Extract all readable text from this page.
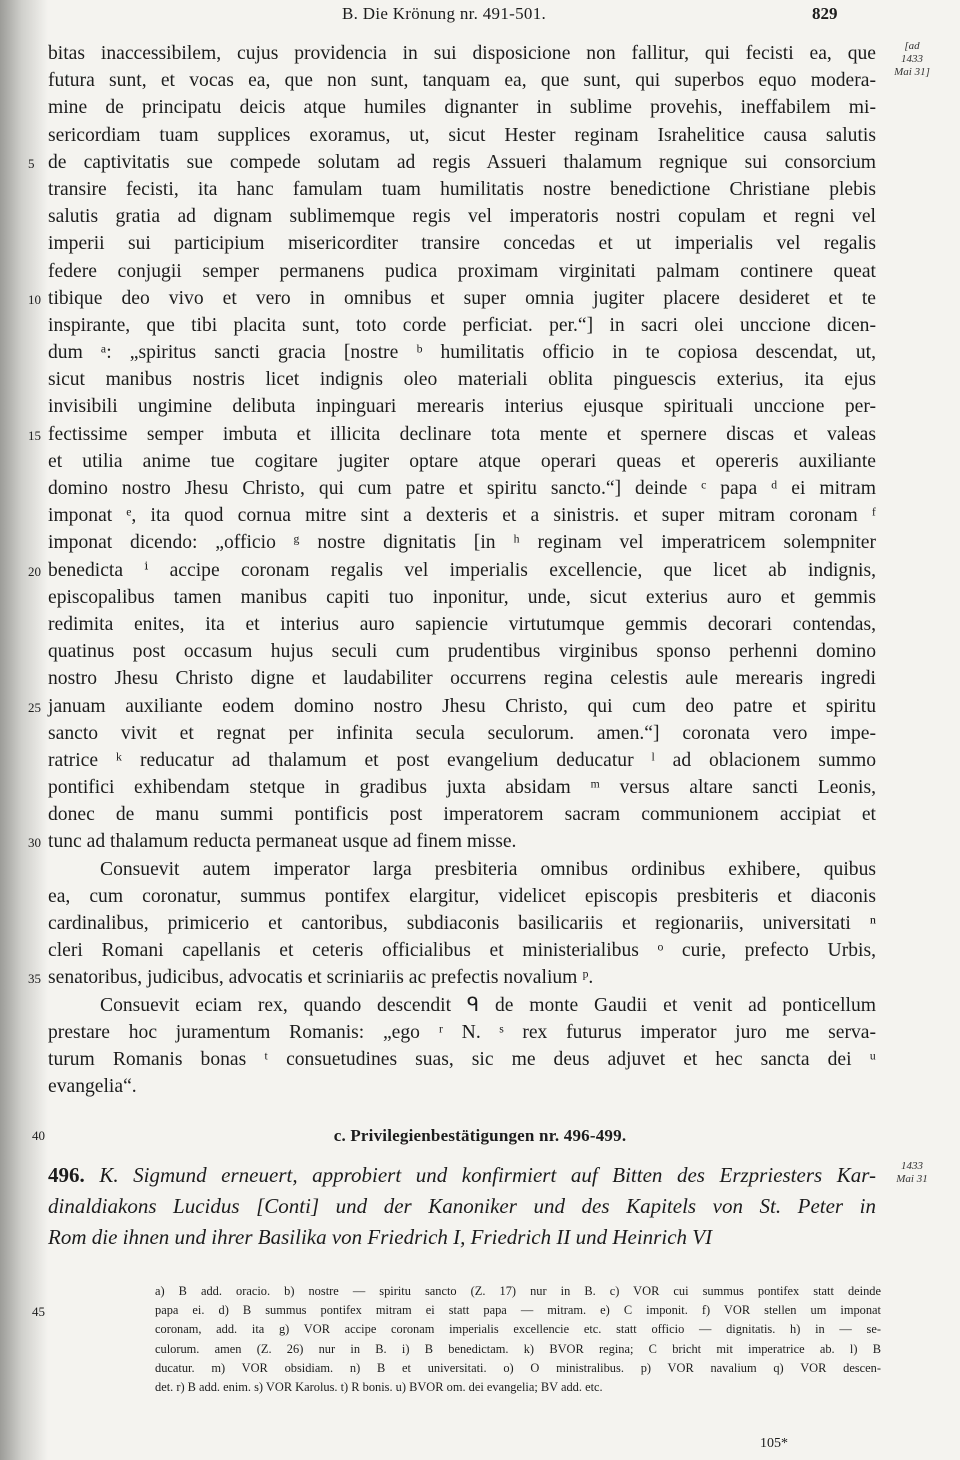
B. Die Krönung nr. 491-501.	829
[ad
1433
Mai 31]
bitas inaccessibilem, cujus providencia in sui disposicione non fallitur, qui fecisti ea, que
futura sunt, et vocas ea, que non sunt, tanquam ea, que sunt, qui superbos equo modera-
mine de principatu deicis atque humiles dignanter in sublime provehis, ineffabilem mi-
sericordiam tuam supplices exoramus, ut, sicut Hester reginam Israhelitice causa salutis
5 de captivitatis sue compede solutam ad regis Assueri thalamum regnique sui consorcium
transire fecisti, ita hanc famulam tuam humilitatis nostre benedictione Christiane plebis
salutis gratia ad dignam sublimemque regis vel imperatoris nostri copulam et regni vel
imperii sui participium misericorditer transire concedas et ut imperialis vel regalis
federe conjugii semper permanens pudica proximam virginitati palmam continere queat
10 tibique deo vivo et vero in omnibus et super omnia jugiter placere desideret et te
inspirante, que tibi placita sunt, toto corde perficiat. per.“] in sacri olei unccione dicen-
dum ᵃ: „spiritus sancti gracia [nostre ᵇ humilitatis officio in te copiosa descendat, ut,
sicut manibus nostris licet indignis oleo materiali oblita pinguescis exterius, ita ejus
invisibili ungimine delibuta inpinguari merearis interius ejusque spirituali unccione per-
15 fectissime semper imbuta et illicita declinare tota mente et spernere discas et valeas
et utilia anime tue cogitare jugiter optare atque operari queas et opereris auxiliante
domino nostro Jhesu Christo, qui cum patre et spiritu sancto.“] deinde ᶜ papa ᵈ ei mitram
imponat ᵉ, ita quod cornua mitre sint a dexteris et a sinistris. et super mitram coronam ᶠ
imponat dicendo: „officio ᵍ nostre dignitatis [in ʰ reginam vel imperatricem solempniter
20 benedicta ⁱ accipe coronam regalis vel imperialis excellencie, que licet ab indignis,
episcopalibus tamen manibus capiti tuo inponitur, unde, sicut exterius auro et gemmis
redimita enites, ita et interius auro sapiencie virtutumque gemmis decorari contendas,
quatinus post occasum hujus seculi cum prudentibus virginibus sponso perhenni domino
nostro Jhesu Christo digne et laudabiliter occurrens regina celestis aule merearis ingredi
25 januam auxiliante eodem domino nostro Jhesu Christo, qui cum deo patre et spiritu
sancto vivit et regnat per infinita secula seculorum. amen.“] coronata vero impe-
ratrice ᵏ reducatur ad thalamum et post evangelium deducatur ˡ ad oblacionem summo
pontifici exhibendam stetque in gradibus juxta absidam ᵐ versus altare sancti Leonis,
donec de manu summi pontificis post imperatorem sacram communionem accipiat et
30 tunc ad thalamum reducta permaneat usque ad finem misse.
Consuevit autem imperator larga presbiteria omnibus ordinibus exhibere, quibus
ea, cum coronatur, summus pontifex elargitur, videlicet episcopis presbiteris et diaconis
cardinalibus, primicerio et cantoribus, subdiaconis basilicariis et regionariis, universitati ⁿ
cleri Romani capellanis et ceteris officialibus et ministerialibus ᵒ curie, prefecto Urbis,
35 senatoribus, judicibus, advocatis et scriniariis ac prefectis novalium ᵖ.
Consuevit eciam rex, quando descendit ᑫ de monte Gaudii et venit ad ponticellum
prestare hoc juramentum Romanis: „ego ʳ N. ˢ rex futurus imperator juro me serva-
turum Romanis bonas ᵗ consuetudines suas, sic me deus adjuvet et hec sancta dei ᵘ
evangelia“.
40	c. Privilegienbestätigungen nr. 496-499.
1433
Mai 31
496. K. Sigmund erneuert, approbiert und konfirmiert auf Bitten des Erzpriesters Kar-
dinaldiakons Lucidus [Conti] und der Kanoniker und des Kapitels von St. Peter in
Rom die ihnen und ihrer Basilika von Friedrich I, Friedrich II und Heinrich VI
45
a) B add. oracio. b) nostre — spiritu sancto (Z. 17) nur in B. c) VOR cui summus pontifex statt deinde
papa ei. d) B summus pontifex mitram ei statt papa — mitram. e) C imponit. f) VOR stellen um imponat
coronam, add. ita g) VOR accipe coronam imperialis excellencie etc. statt officio — dignitatis. h) in — se-
culorum. amen (Z. 26) nur in B. i) B benedictam. k) BVOR regina; C bricht mit imperatrice ab. l) B
ducatur. m) VOR obsidiam. n) B et universitati. o) O ministralibus. p) VOR navalium q) VOR descen-
det. r) B add. enim. s) VOR Karolus. t) R bonis. u) BVOR om. dei evangelia; BV add. etc.
105*
